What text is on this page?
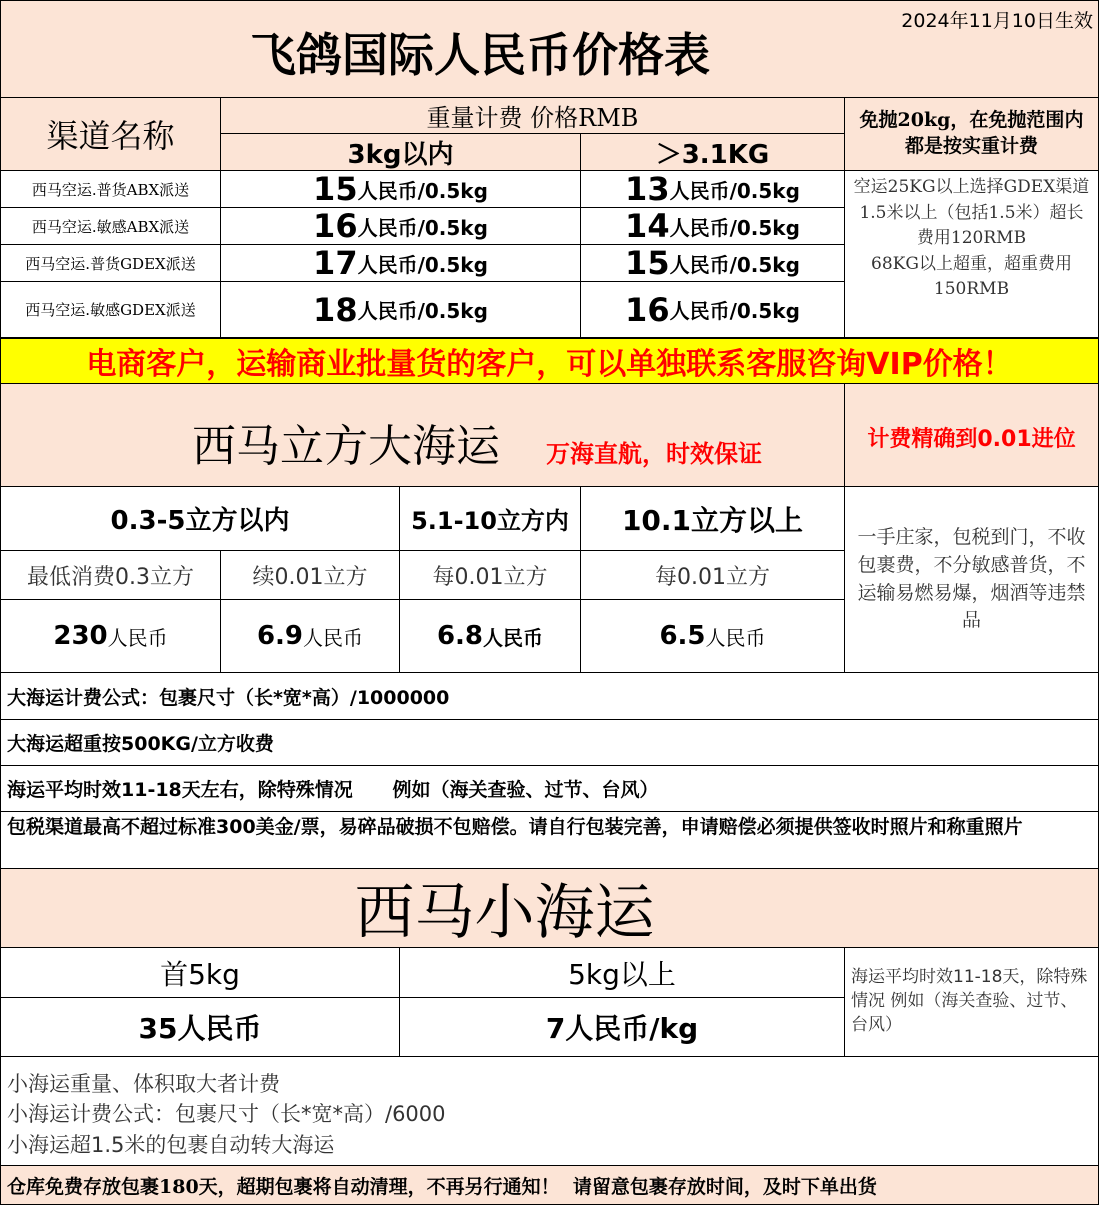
2024年11月10日生效
飞鸽国际人民币价格表
渠道名称	重量计费 价格RMB
3kg以内	＞3.1KG
免抛20kg，在免抛范围内都是按实重计费
西马空运.普货ABX派送	15 人民币/0.5kg	13 人民币/0.5kg
西马空运.敏感ABX派送	16 人民币/0.5kg	14 人民币/0.5kg
西马空运.普货GDEX派送	17 人民币/0.5kg	15 人民币/0.5kg
西马空运.敏感GDEX派送	18 人民币/0.5kg	16 人民币/0.5kg
空运25KG以上选择GDEX渠道 1.5米以上（包括1.5米）超长费用120RMB
68KG以上超重，超重费用150RMB
电商客户，运输商业批量货的客户，可以单独联系客服咨询VIP价格！
西马立方大海运 万海直航，时效保证
计费精确到0.01进位
0.3-5立方以内	5.1-10立方内	10.1立方以上
最低消费0.3立方	续0.01立方	每0.01立方	每0.01立方
230 人民币	6.9 人民币	6.8 人民币	6.5 人民币
一手庄家，包税到门，不收包裹费，不分敏感普货，不运输易燃易爆，烟酒等违禁品
大海运计费公式：包裹尺寸（长*宽*高）/1000000
大海运超重按500KG/立方收费
海运平均时效11-18天左右，除特殊情况      例如（海关查验、过节、台风）
包税渠道最高不超过标准300美金/票，易碎品破损不包赔偿。请自行包装完善，申请赔偿必须提供签收时照片和称重照片
西马小海运
首5kg	5kg以上
35人民币	7人民币/kg
海运平均时效11-18天，除特殊情况 例如（海关查验、过节、台风）
小海运重量、体积取大者计费
小海运计费公式：包裹尺寸（长*宽*高）/6000
小海运超1.5米的包裹自动转大海运
仓库免费存放包裹180天，超期包裹将自动清理，不再另行通知！  请留意包裹存放时间，及时下单出货
